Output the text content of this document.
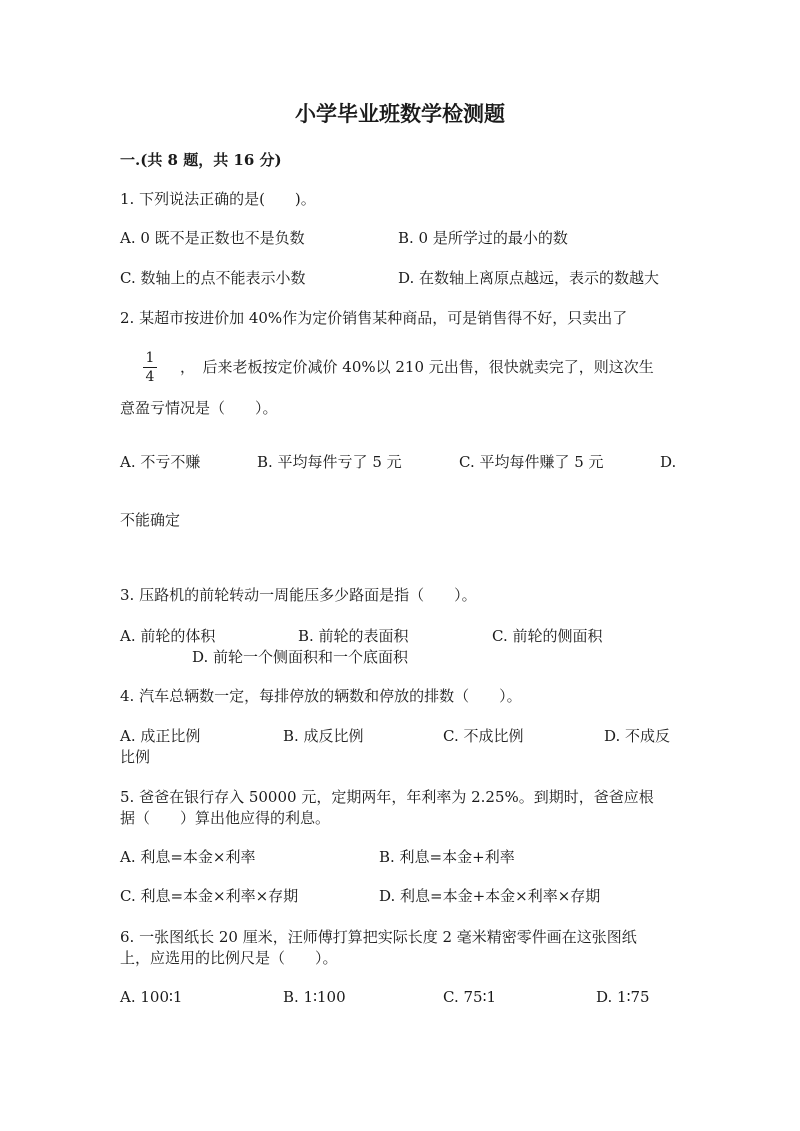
小学毕业班数学检测题
一.(共 8 题，共 16 分)
1. 下列说法正确的是(　　)。
A. 0 既不是正数也不是负数	B. 0 是所学过的最小的数
C. 数轴上的点不能表示小数	D. 在数轴上离原点越远，表示的数越大
2. 某超市按进价加 40%作为定价销售某种商品，可是销售得不好，只卖出了
1
4
，　后来老板按定价减价 40%以 210 元出售，很快就卖完了，则这次生
意盈亏情况是（　　）。
A. 不亏不赚	B. 平均每件亏了 5 元	C. 平均每件赚了 5 元	D.
不能确定
3. 压路机的前轮转动一周能压多少路面是指（　　）。
A. 前轮的体积	B. 前轮的表面积	C. 前轮的侧面积
D. 前轮一个侧面积和一个底面积
4. 汽车总辆数一定，每排停放的辆数和停放的排数（　　）。
A. 成正比例	B. 成反比例	C. 不成比例	D. 不成反
比例
5. 爸爸在银行存入 50000 元，定期两年，年利率为 2.25%。到期时，爸爸应根
据（　　）算出他应得的利息。
A. 利息=本金×利率	B. 利息=本金+利率
C. 利息=本金×利率×存期	D. 利息=本金+本金×利率×存期
6. 一张图纸长 20 厘米，汪师傅打算把实际长度 2 毫米精密零件画在这张图纸
上，应选用的比例尺是（　　）。
A. 100∶1	B. 1∶100	C. 75∶1	D. 1∶75
